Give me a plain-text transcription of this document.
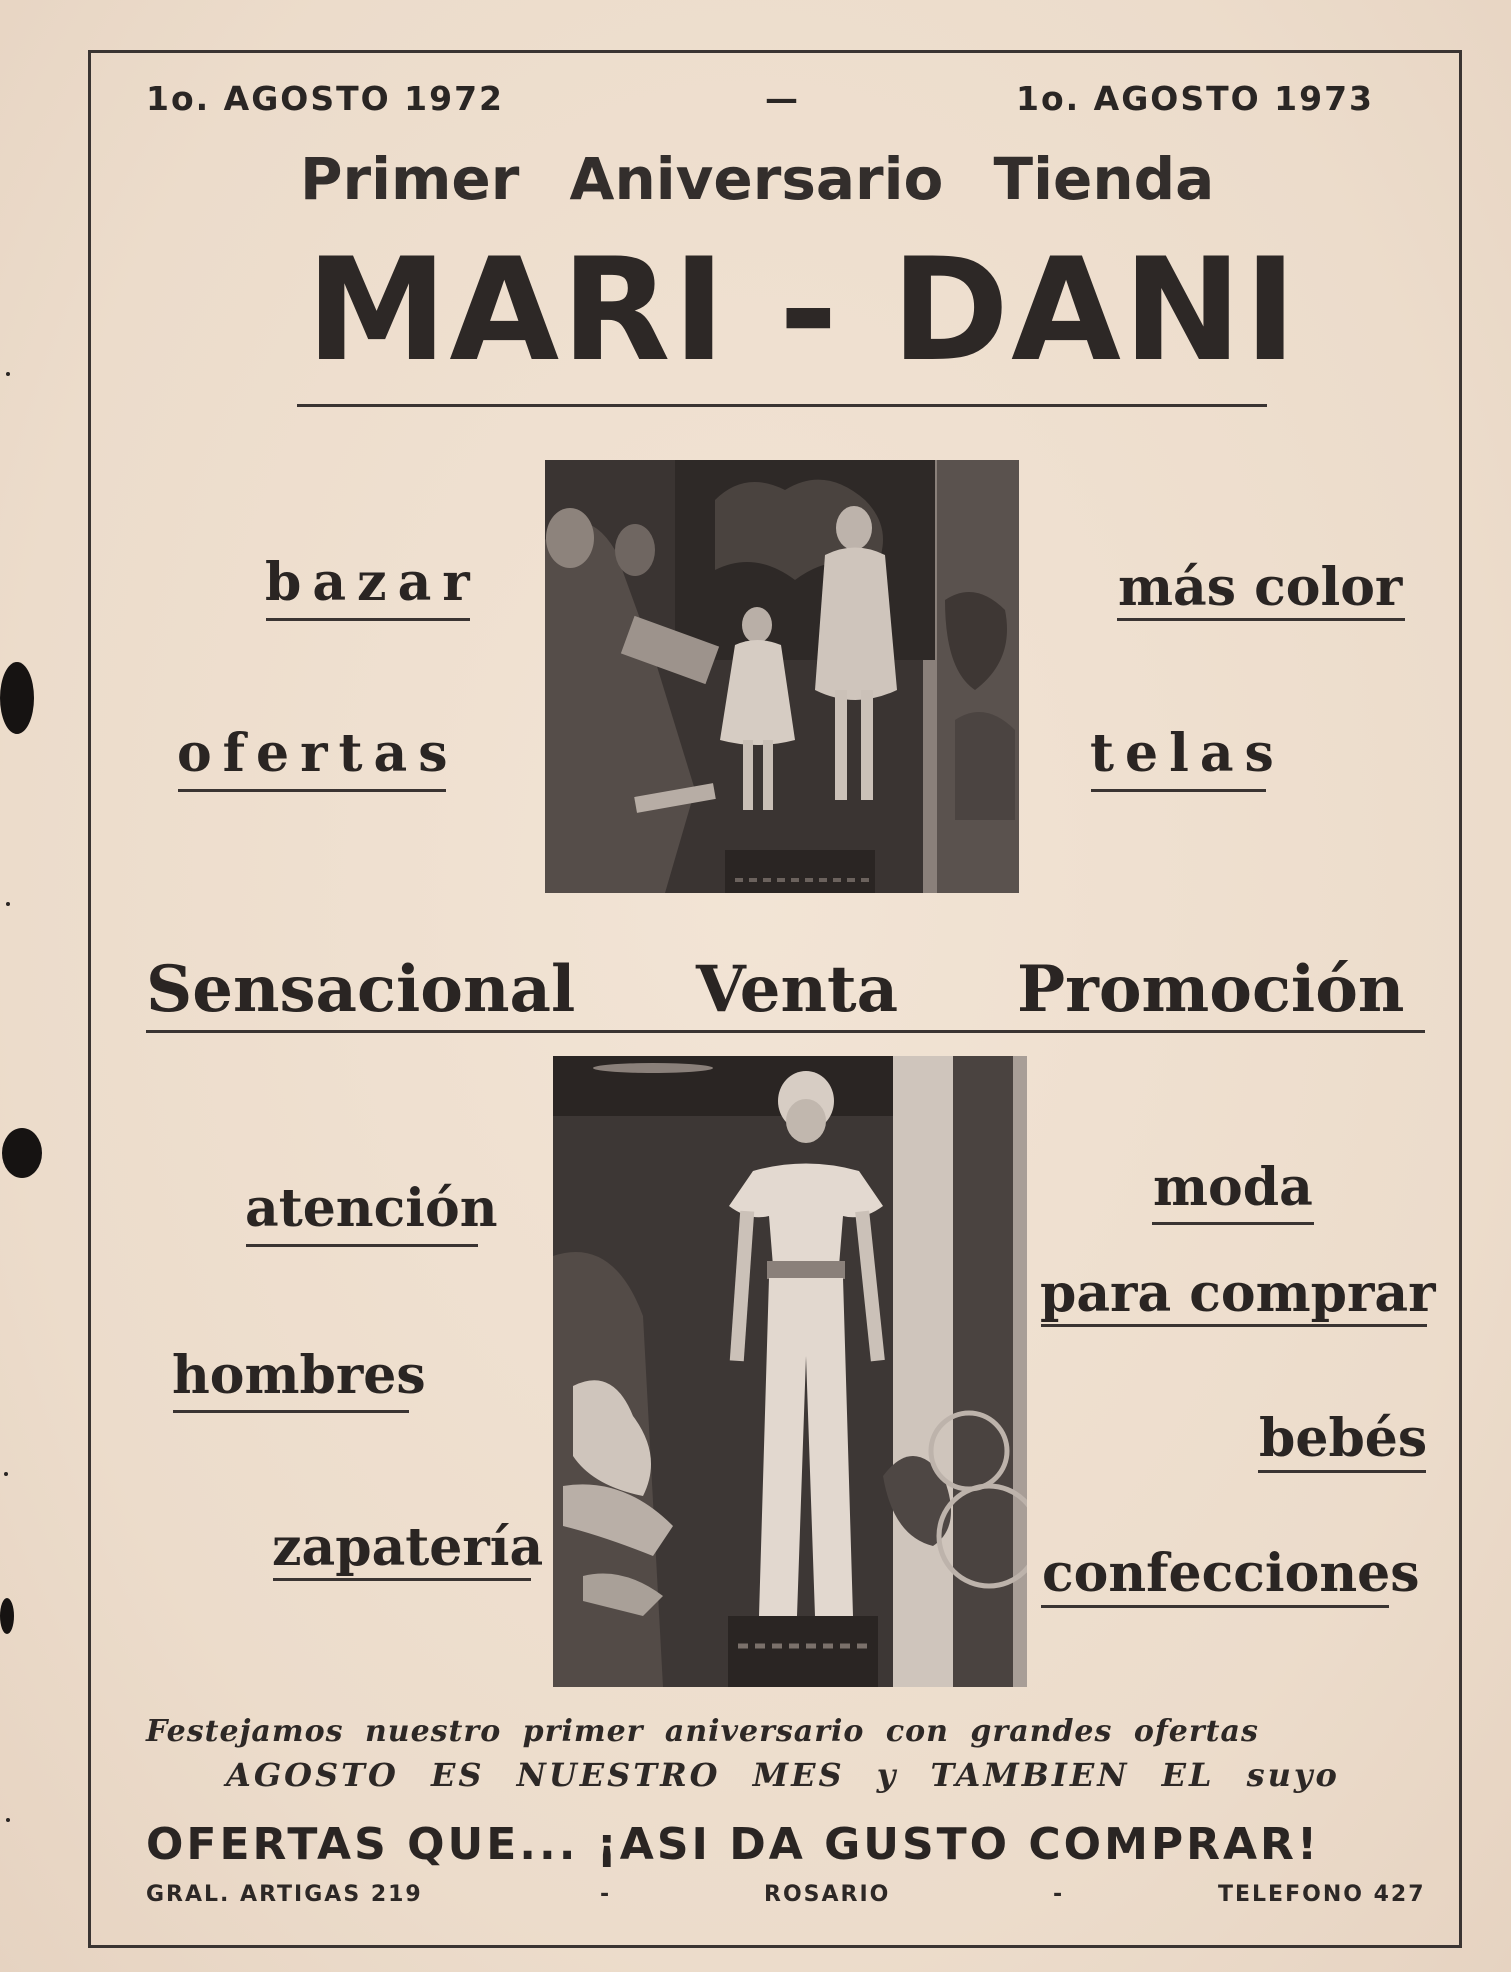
1o. AGOSTO 1972	—	1o. AGOSTO 1973
Primer Aniversario Tienda
MARI - DANI
bazar
ofertas
más color
telas
Sensacional Venta Promoción
atención
hombres
zapatería
moda
para comprar
bebés
confecciones
Festejamos nuestro primer aniversario con grandes ofertas
AGOSTO ES NUESTRO MES y TAMBIEN EL suyo
OFERTAS QUE... ¡ASI DA GUSTO COMPRAR!
GRAL. ARTIGAS 219	-	ROSARIO	-	TELEFONO 427
